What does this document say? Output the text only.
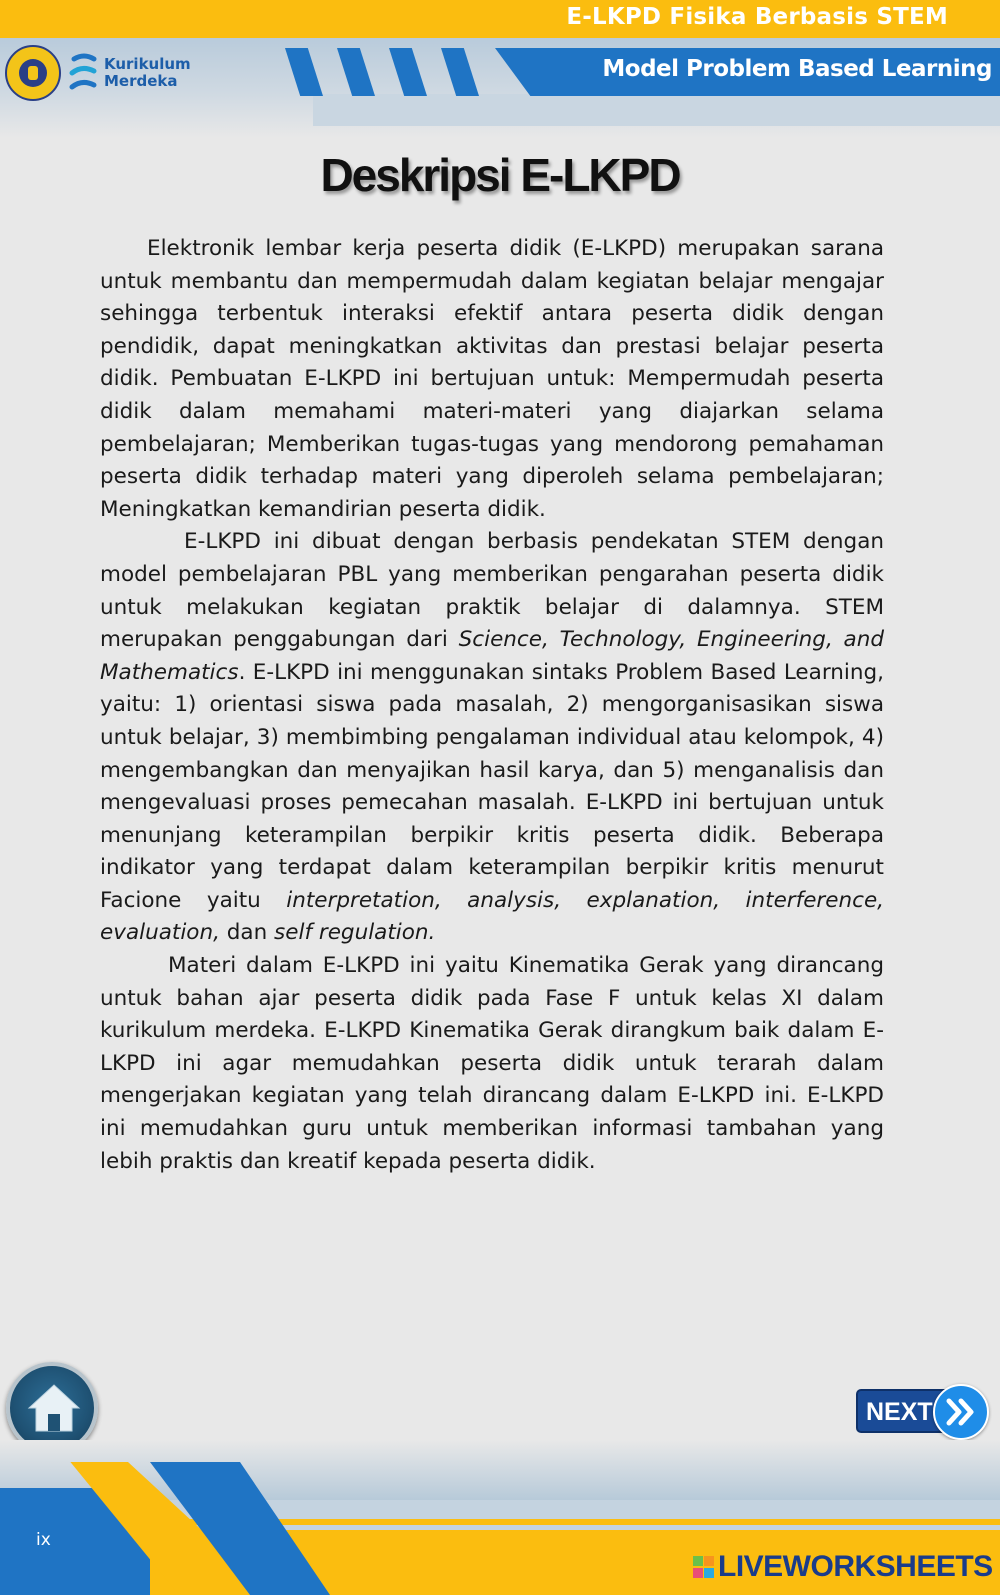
E-LKPD Fisika Berbasis STEM
Model Problem Based Learning
Kurikulum
Merdeka
Deskripsi E-LKPD

Elektronik lembar kerja peserta didik (E-LKPD) merupakan sarana untuk membantu dan mempermudah dalam kegiatan belajar mengajar sehingga terbentuk interaksi efektif antara peserta didik dengan pendidik, dapat meningkatkan aktivitas dan prestasi belajar peserta didik. Pembuatan E-LKPD ini bertujuan untuk: Mempermudah peserta didik dalam memahami materi-materi yang diajarkan selama pembelajaran; Memberikan tugas-tugas yang mendorong pemahaman peserta didik terhadap materi yang diperoleh selama pembelajaran; Meningkatkan kemandirian peserta didik.

E-LKPD ini dibuat dengan berbasis pendekatan STEM dengan model pembelajaran PBL yang memberikan pengarahan peserta didik untuk melakukan kegiatan praktik belajar di dalamnya. STEM merupakan penggabungan dari Science, Technology, Engineering, and Mathematics. E-LKPD ini menggunakan sintaks Problem Based Learning, yaitu: 1) orientasi siswa pada masalah, 2) mengorganisasikan siswa untuk belajar, 3) membimbing pengalaman individual atau kelompok, 4) mengembangkan dan menyajikan hasil karya, dan 5) menganalisis dan mengevaluasi proses pemecahan masalah. E-LKPD ini bertujuan untuk menunjang keterampilan berpikir kritis peserta didik. Beberapa indikator yang terdapat dalam keterampilan berpikir kritis menurut Facione yaitu interpretation, analysis, explanation, interference, evaluation, dan self regulation.

Materi dalam E-LKPD ini yaitu Kinematika Gerak yang dirancang untuk bahan ajar peserta didik pada Fase F untuk kelas XI dalam kurikulum merdeka. E-LKPD Kinematika Gerak dirangkum baik dalam E-LKPD ini agar memudahkan peserta didik untuk terarah dalam mengerjakan kegiatan yang telah dirancang dalam E-LKPD ini. E-LKPD ini memudahkan guru untuk memberikan informasi tambahan yang lebih praktis dan kreatif kepada peserta didik.

NEXT
ix
LIVEWORKSHEETS
